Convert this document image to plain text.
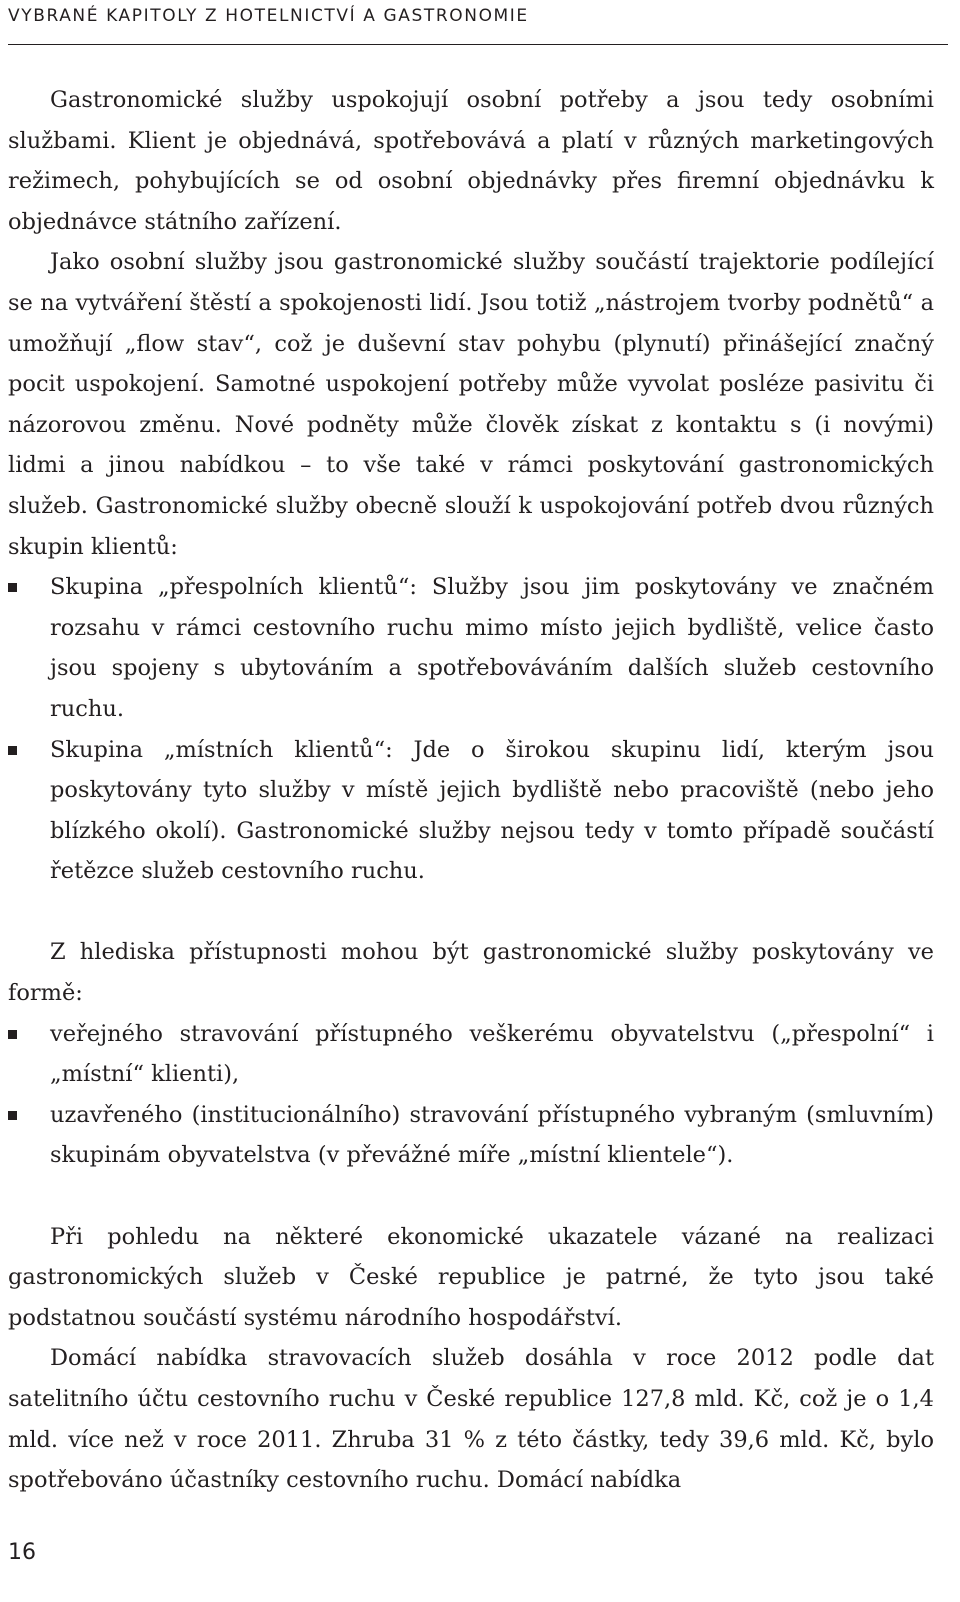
VYBRANÉ KAPITOLY Z HOTELNICTVÍ A GASTRONOMIE

Gastronomické služby uspokojují osobní potřeby a jsou tedy osobními službami. Klient je objednává, spotřebovává a platí v různých marketingových režimech, pohybujících se od osobní objednávky přes firemní objednávku k objednávce státního zařízení.

Jako osobní služby jsou gastronomické služby součástí trajektorie podílející se na vytváření štěstí a spokojenosti lidí. Jsou totiž „nástrojem tvorby podnětů“ a umožňují „flow stav“, což je duševní stav pohybu (plynutí) přinášející značný pocit uspokojení. Samotné uspokojení potřeby může vyvolat posléze pasivitu či názorovou změnu. Nové podněty může člověk získat z kontaktu s (i novými) lidmi a jinou nabídkou – to vše také v rámci poskytování gastronomických služeb. Gastronomické služby obecně slouží k uspokojování potřeb dvou různých skupin klientů:

Skupina „přespolních klientů“: Služby jsou jim poskytovány ve značném rozsahu v rámci cestovního ruchu mimo místo jejich bydliště, velice často jsou spojeny s ubytováním a spotřebováváním dalších služeb cestovního ruchu.
Skupina „místních klientů“: Jde o širokou skupinu lidí, kterým jsou poskytovány tyto služby v místě jejich bydliště nebo pracoviště (nebo jeho blízkého okolí). Gastronomické služby nejsou tedy v tomto případě součástí řetězce služeb cestovního ruchu.

Z hlediska přístupnosti mohou být gastronomické služby poskytovány ve formě:

veřejného stravování přístupného veškerému obyvatelstvu („přespolní“ i „místní“ klienti),
uzavřeného (institucionálního) stravování přístupného vybraným (smluvním) skupinám obyvatelstva (v převážné míře „místní klientele“).

Při pohledu na některé ekonomické ukazatele vázané na realizaci gastronomických služeb v České republice je patrné, že tyto jsou také podstatnou součástí systému národního hospodářství.

Domácí nabídka stravovacích služeb dosáhla v roce 2012 podle dat satelitního účtu cestovního ruchu v České republice 127,8 mld. Kč, což je o 1,4 mld. více než v roce 2011. Zhruba 31 % z této částky, tedy 39,6 mld. Kč, bylo spotřebováno účastníky cestovního ruchu. Domácí nabídka

16
